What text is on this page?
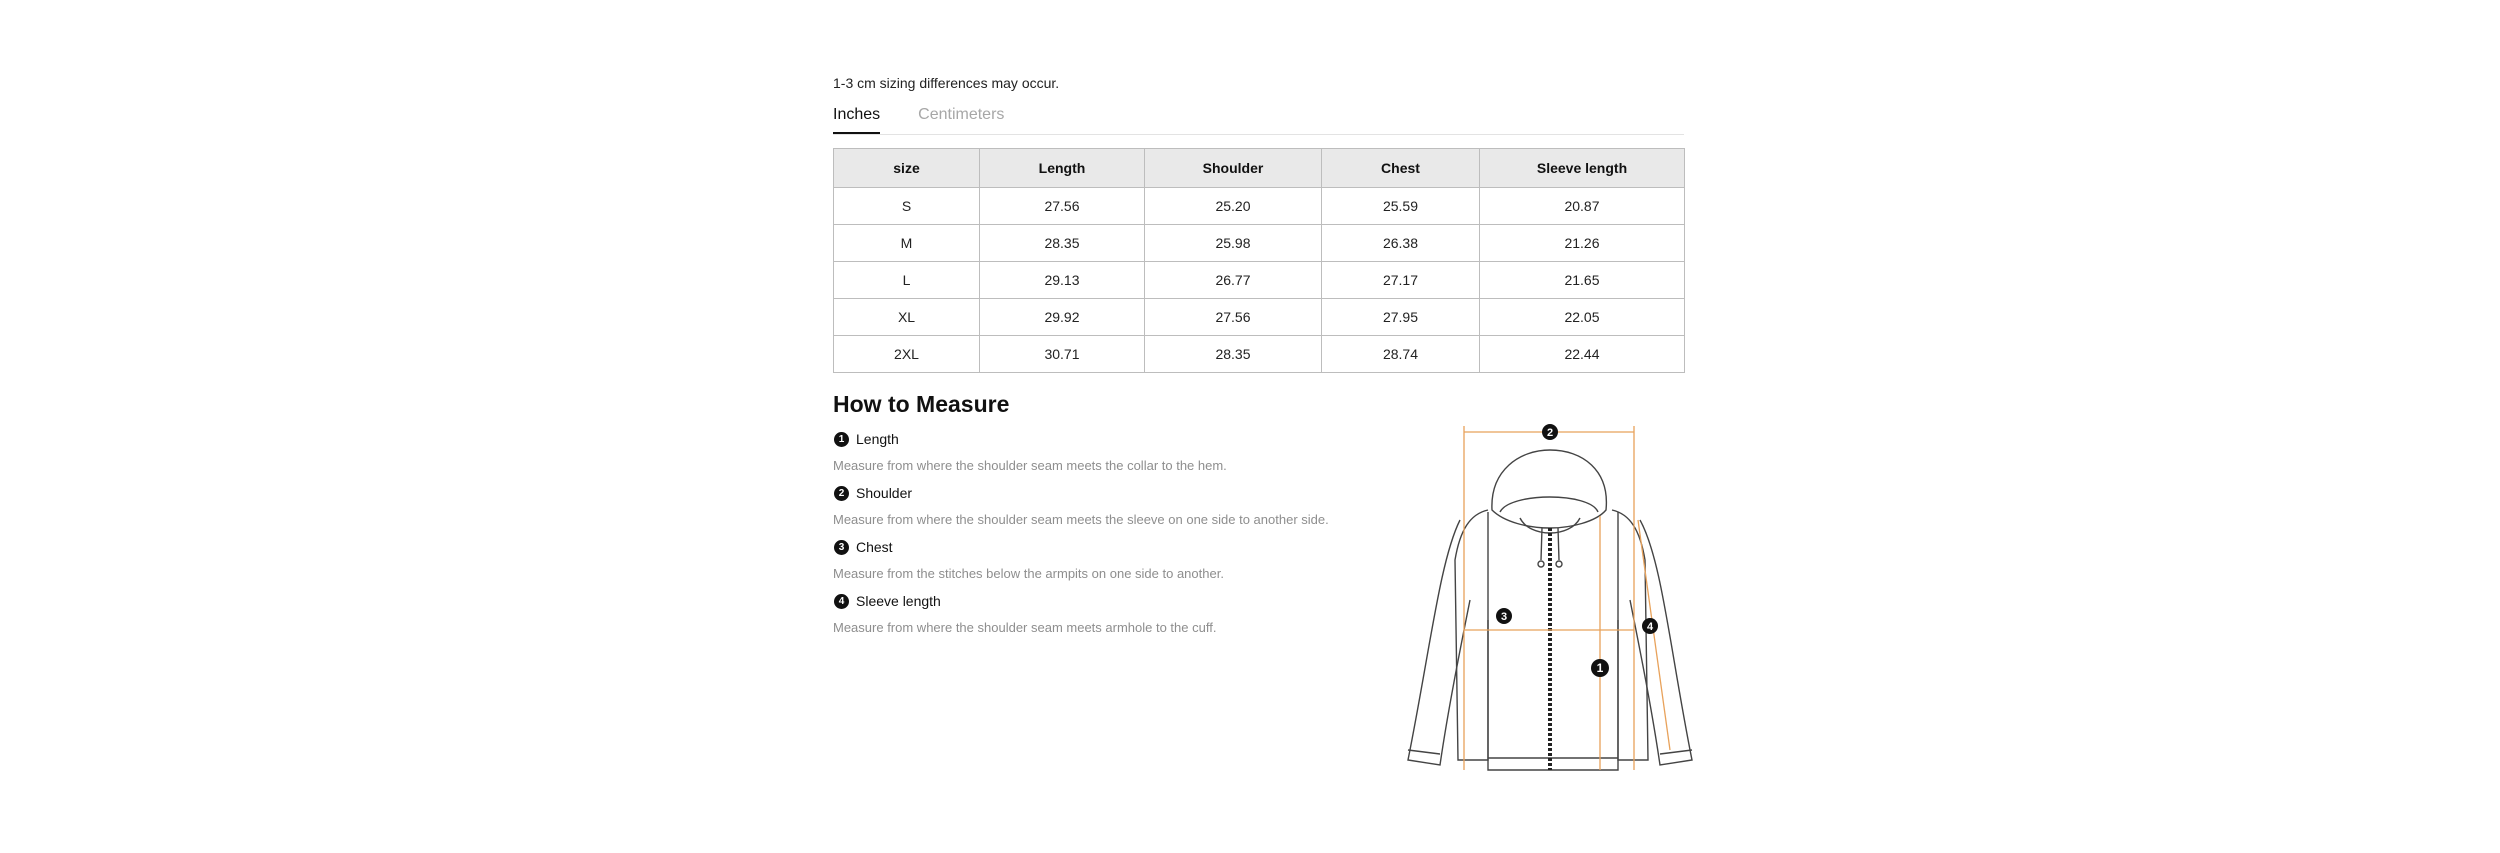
1-3 cm sizing differences may occur.

Inches Centimeters
size	Length	Shoulder	Chest	Sleeve length
S	27.56	25.20	25.59	20.87
M	28.35	25.98	26.38	21.26
L	29.13	26.77	27.17	21.65
XL	29.92	27.56	27.95	22.05
2XL	30.71	28.35	28.74	22.44
How to Measure
1 Length
Measure from where the shoulder seam meets the collar to the hem.
2 Shoulder
Measure from where the shoulder seam meets the sleeve on one side to another side.
3 Chest
Measure from the stitches below the armpits on one side to another.
4 Sleeve length
Measure from where the shoulder seam meets armhole to the cuff.
2
3
1
4
